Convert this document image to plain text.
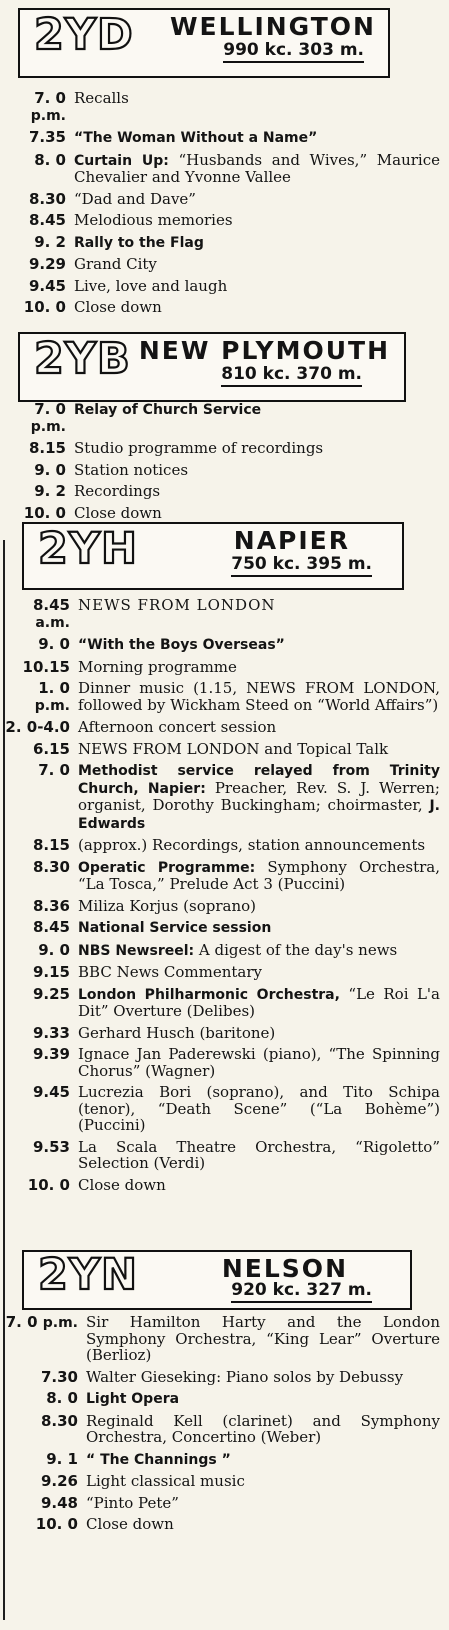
2YD WELLINGTON
990 kc. 303 m.
7. 0 p.m.
Recalls
7.35 “The Woman Without a Name”
8. 0 Curtain Up: “Husbands and Wives,” Maurice Chevalier and Yvonne Vallee
8.30 “Dad and Dave”
8.45 Melodious memories
9. 2 Rally to the Flag
9.29 Grand City
9.45 Live, love and laugh
10. 0 Close down
2YB NEW PLYMOUTH
810 kc. 370 m.
7. 0 p.m.
Relay of Church Service
8.15 Studio programme of recordings
9. 0 Station notices
9. 2 Recordings
10. 0 Close down
2YH	NAPIER
750 kc. 395 m.
8.45 a.m.
NEWS FROM LONDON
9. 0 “With the Boys Overseas”
10.15 Morning programme
1. 0 p.m.
Dinner music (1.15, NEWS FROM LONDON, followed by Wickham Steed on “World Affairs”)
2. 0-4.0 Afternoon concert session
6.15 NEWS FROM LONDON and Topical Talk
7. 0 Methodist service relayed from Trinity Church, Napier: Preacher, Rev. S. J. Werren; organist, Dorothy Buckingham; choirmaster, J. Edwards
8.15 (approx.) Recordings, station announcements
8.30 Operatic Programme: Symphony Orchestra, “La Tosca,” Prelude Act 3 (Puccini)
8.36 Miliza Korjus (soprano)
8.45 National Service session
9. 0 NBS Newsreel: A digest of the day's news
9.15 BBC News Commentary
9.25 London Philharmonic Orchestra, “Le Roi L'a Dit” Overture (Delibes)
9.33 Gerhard Husch (baritone)
9.39 Ignace Jan Paderewski (piano), “The Spinning Chorus” (Wagner)
9.45 Lucrezia Bori (soprano), and Tito Schipa (tenor), “Death Scene” (“La Bohème”) (Puccini)
9.53 La Scala Theatre Orchestra, “Rigoletto” Selection (Verdi)
10. 0 Close down
2YN	NELSON
920 kc. 327 m.
7. 0 p.m. Sir Hamilton Harty and the London Symphony Orchestra, “King Lear” Overture (Berlioz)
7.30 Walter Gieseking: Piano solos by Debussy
8. 0 Light Opera
8.30 Reginald Kell (clarinet) and Symphony Orchestra, Concertino (Weber)
9. 1 “ The Channings ”
9.26 Light classical music
9.48 “Pinto Pete”
10. 0 Close down
